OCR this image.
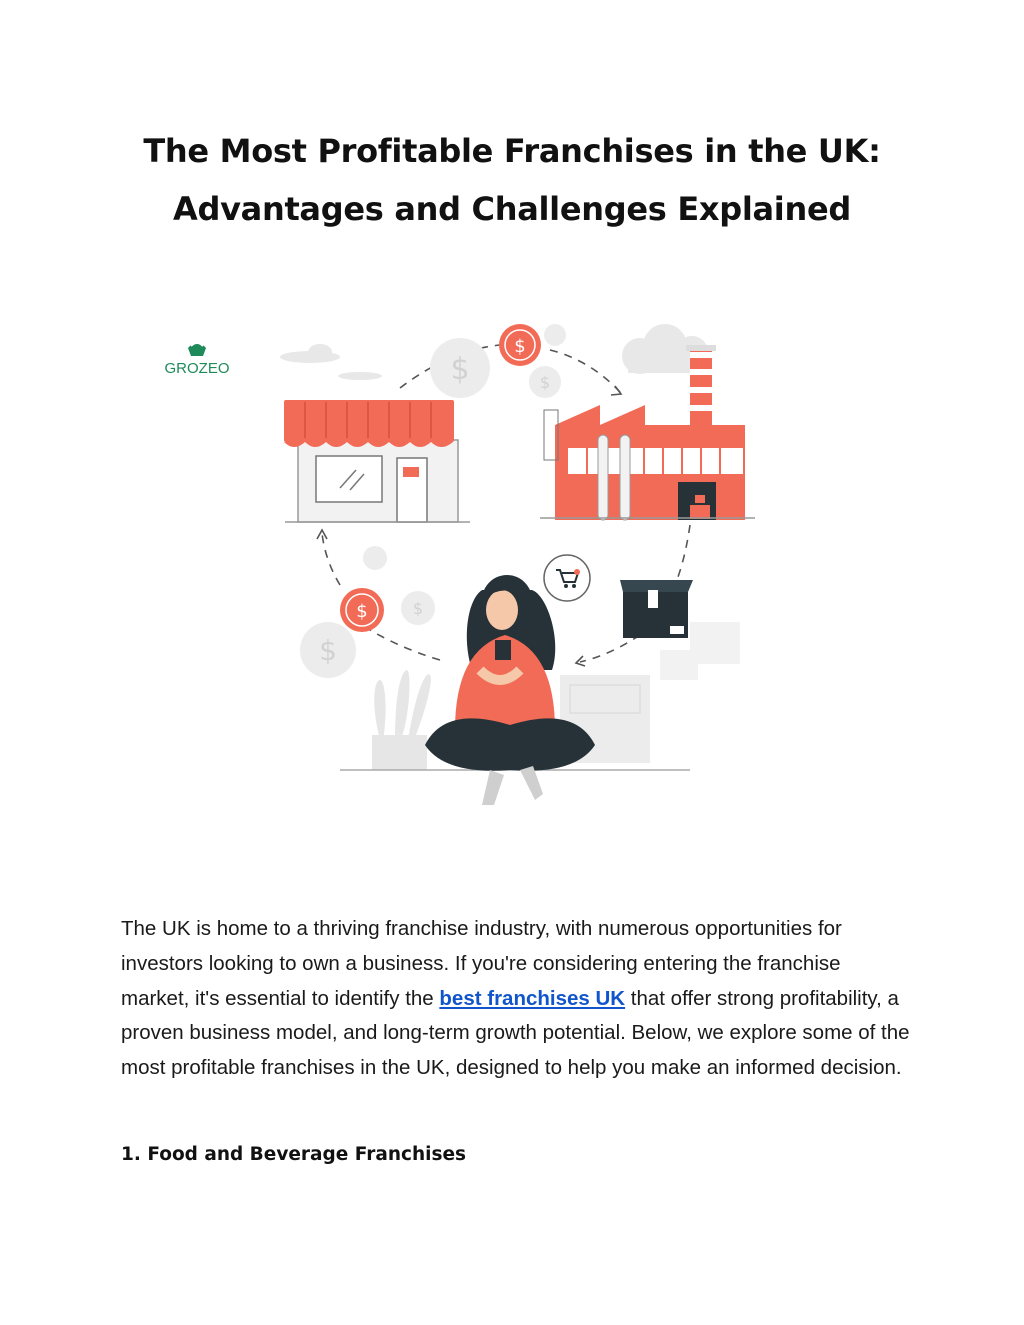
The Most Profitable Franchises in the UK:
Advantages and Challenges Explained
GROZEO
$
$
$	$
$
$
The UK is home to a thriving franchise industry, with numerous opportunities for investors looking to own a business. If you're considering entering the franchise market, it's essential to identify the best franchises UK that offer strong profitability, a proven business model, and long-term growth potential. Below, we explore some of the most profitable franchises in the UK, designed to help you make an informed decision.
1. Food and Beverage Franchises
